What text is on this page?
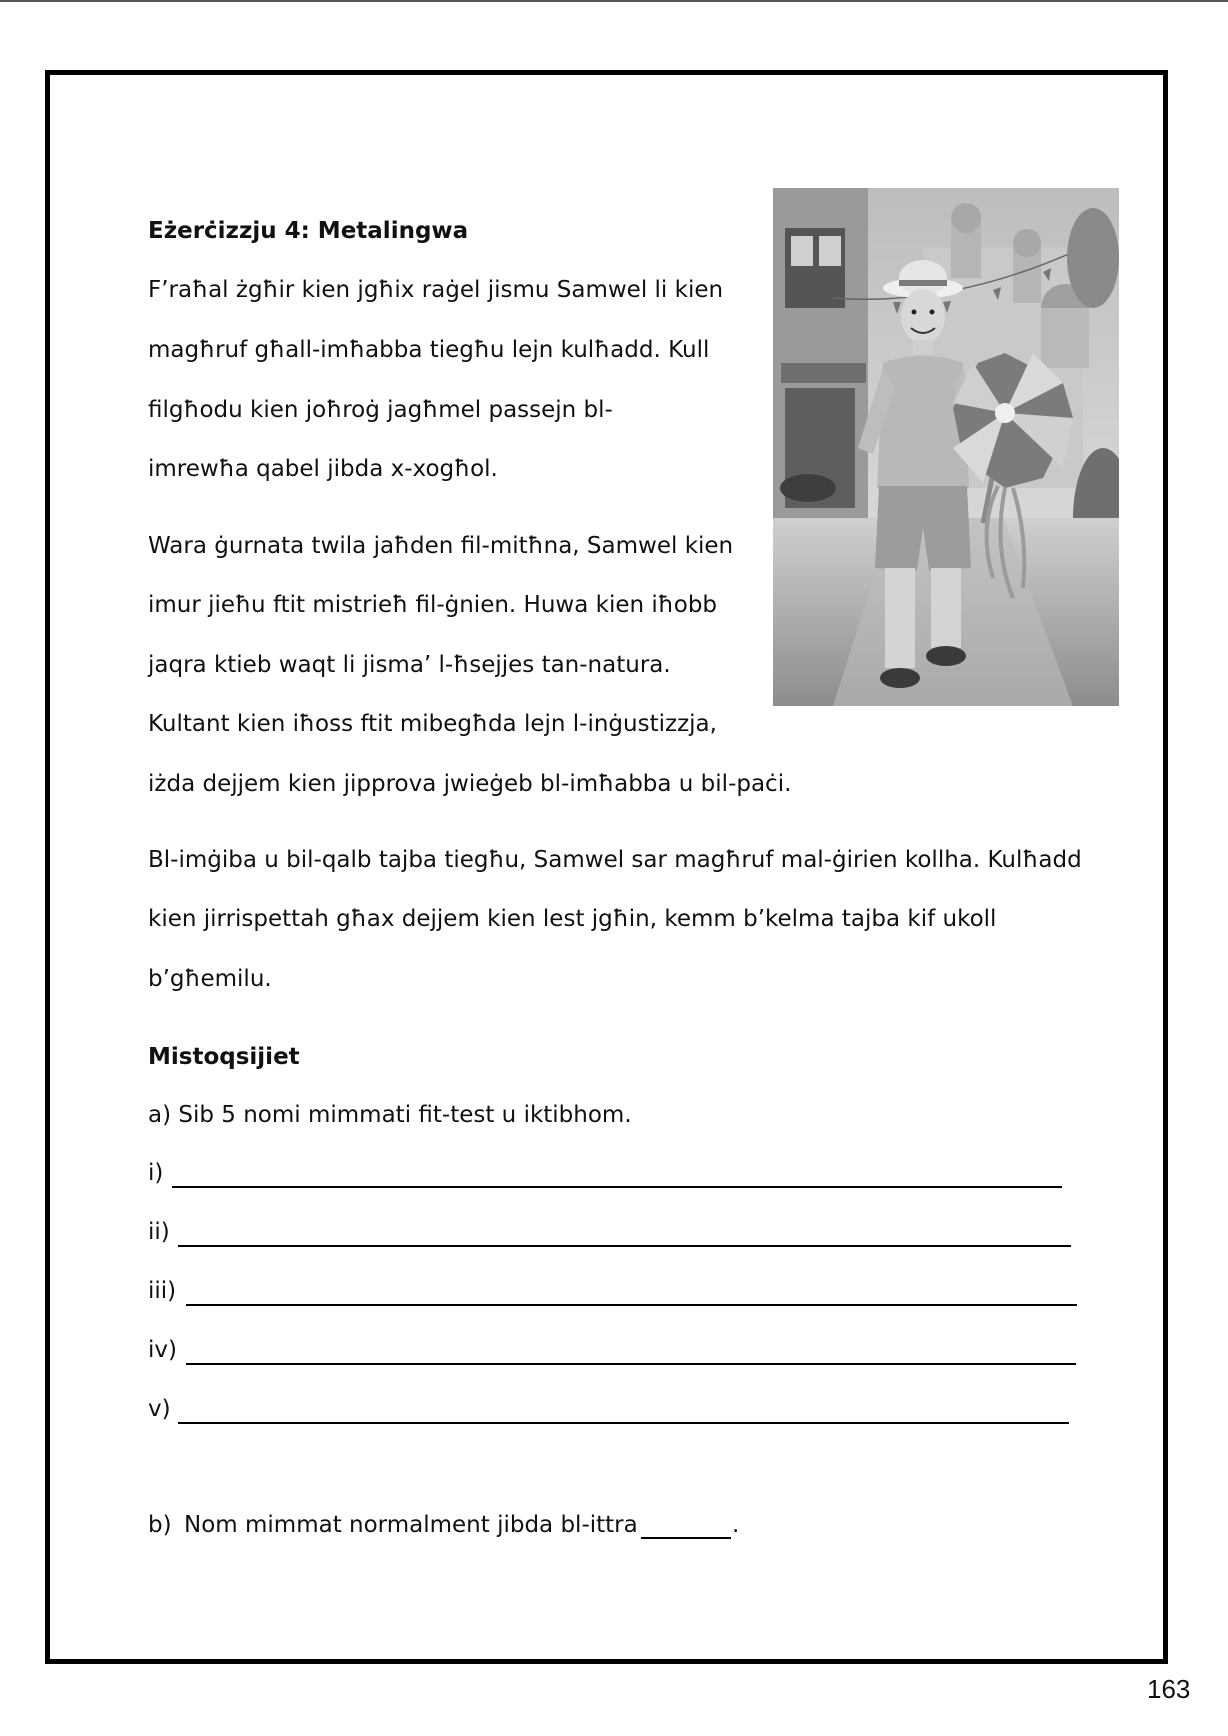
Eżerċizzju 4: Metalingwa
F’raħal żgħir kien jgħix raġel jismu Samwel li kien
magħruf għall-imħabba tiegħu lejn kulħadd. Kull
filgħodu kien joħroġ jagħmel passejn bl-
imrewħa qabel jibda x-xogħol.
Wara ġurnata twila jaħden fil-mitħna, Samwel kien
imur jieħu ftit mistrieħ fil-ġnien. Huwa kien iħobb
jaqra ktieb waqt li jisma’ l-ħsejjes tan-natura.
Kultant kien iħoss ftit mibegħda lejn l-inġustizzja,
iżda dejjem kien jipprova jwieġeb bl-imħabba u bil-paċi.
Bl-imġiba u bil-qalb tajba tiegħu, Samwel sar magħruf mal-ġirien kollha. Kulħadd
kien jirrispettah għax dejjem kien lest jgħin, kemm b’kelma tajba kif ukoll
b’għemilu.
Mistoqsijiet
a) Sib 5 nomi mimmati fit-test u iktibhom.
i)
ii)
iii)
iv)
v)
b) Nom mimmat normalment jibda bl-ittra	.
163
